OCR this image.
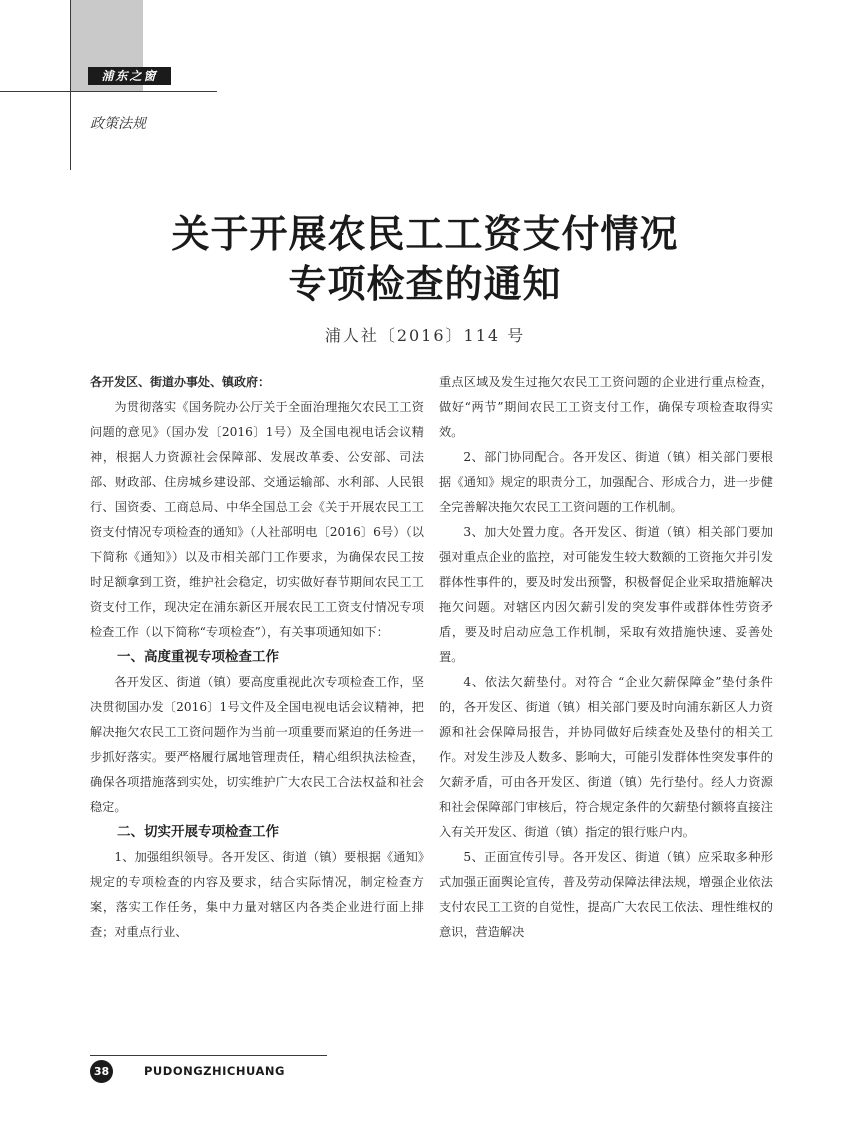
浦东之窗
政策法规
关于开展农民工工资支付情况
专项检查的通知
浦人社〔2016〕114 号

各开发区、街道办事处、镇政府：

为贯彻落实《国务院办公厅关于全面治理拖欠农民工工资问题的意见》（国办发〔2016〕1号）及全国电视电话会议精神，根据人力资源社会保障部、发展改革委、公安部、司法部、财政部、住房城乡建设部、交通运输部、水利部、人民银行、国资委、工商总局、中华全国总工会《关于开展农民工工资支付情况专项检查的通知》（人社部明电〔2016〕6号）（以下简称《通知》）以及市相关部门工作要求，为确保农民工按时足额拿到工资，维护社会稳定，切实做好春节期间农民工工资支付工作，现决定在浦东新区开展农民工工资支付情况专项检查工作（以下简称“专项检查”），有关事项通知如下：

一、高度重视专项检查工作

各开发区、街道（镇）要高度重视此次专项检查工作，坚决贯彻国办发〔2016〕1号文件及全国电视电话会议精神，把解决拖欠农民工工资问题作为当前一项重要而紧迫的任务进一步抓好落实。要严格履行属地管理责任，精心组织执法检查，确保各项措施落到实处，切实维护广大农民工合法权益和社会稳定。

二、切实开展专项检查工作

1、加强组织领导。各开发区、街道（镇）要根据《通知》规定的专项检查的内容及要求，结合实际情况，制定检查方案，落实工作任务，集中力量对辖区内各类企业进行面上排查；对重点行业、

重点区域及发生过拖欠农民工工资问题的企业进行重点检查，做好“两节”期间农民工工资支付工作，确保专项检查取得实效。

2、部门协同配合。各开发区、街道（镇）相关部门要根据《通知》规定的职责分工，加强配合、形成合力，进一步健全完善解决拖欠农民工工资问题的工作机制。

3、加大处置力度。各开发区、街道（镇）相关部门要加强对重点企业的监控，对可能发生较大数额的工资拖欠并引发群体性事件的，要及时发出预警，积极督促企业采取措施解决拖欠问题。对辖区内因欠薪引发的突发事件或群体性劳资矛盾，要及时启动应急工作机制，采取有效措施快速、妥善处置。

4、依法欠薪垫付。对符合 “企业欠薪保障金”垫付条件的，各开发区、街道（镇）相关部门要及时向浦东新区人力资源和社会保障局报告，并协同做好后续查处及垫付的相关工作。对发生涉及人数多、影响大，可能引发群体性突发事件的欠薪矛盾，可由各开发区、街道（镇）先行垫付。经人力资源和社会保障部门审核后，符合规定条件的欠薪垫付额将直接注入有关开发区、街道（镇）指定的银行账户内。

5、正面宣传引导。各开发区、街道（镇）应采取多种形式加强正面舆论宣传，普及劳动保障法律法规，增强企业依法支付农民工工资的自觉性，提高广大农民工依法、理性维权的意识，营造解决

38	PUDONGZHICHUANG
